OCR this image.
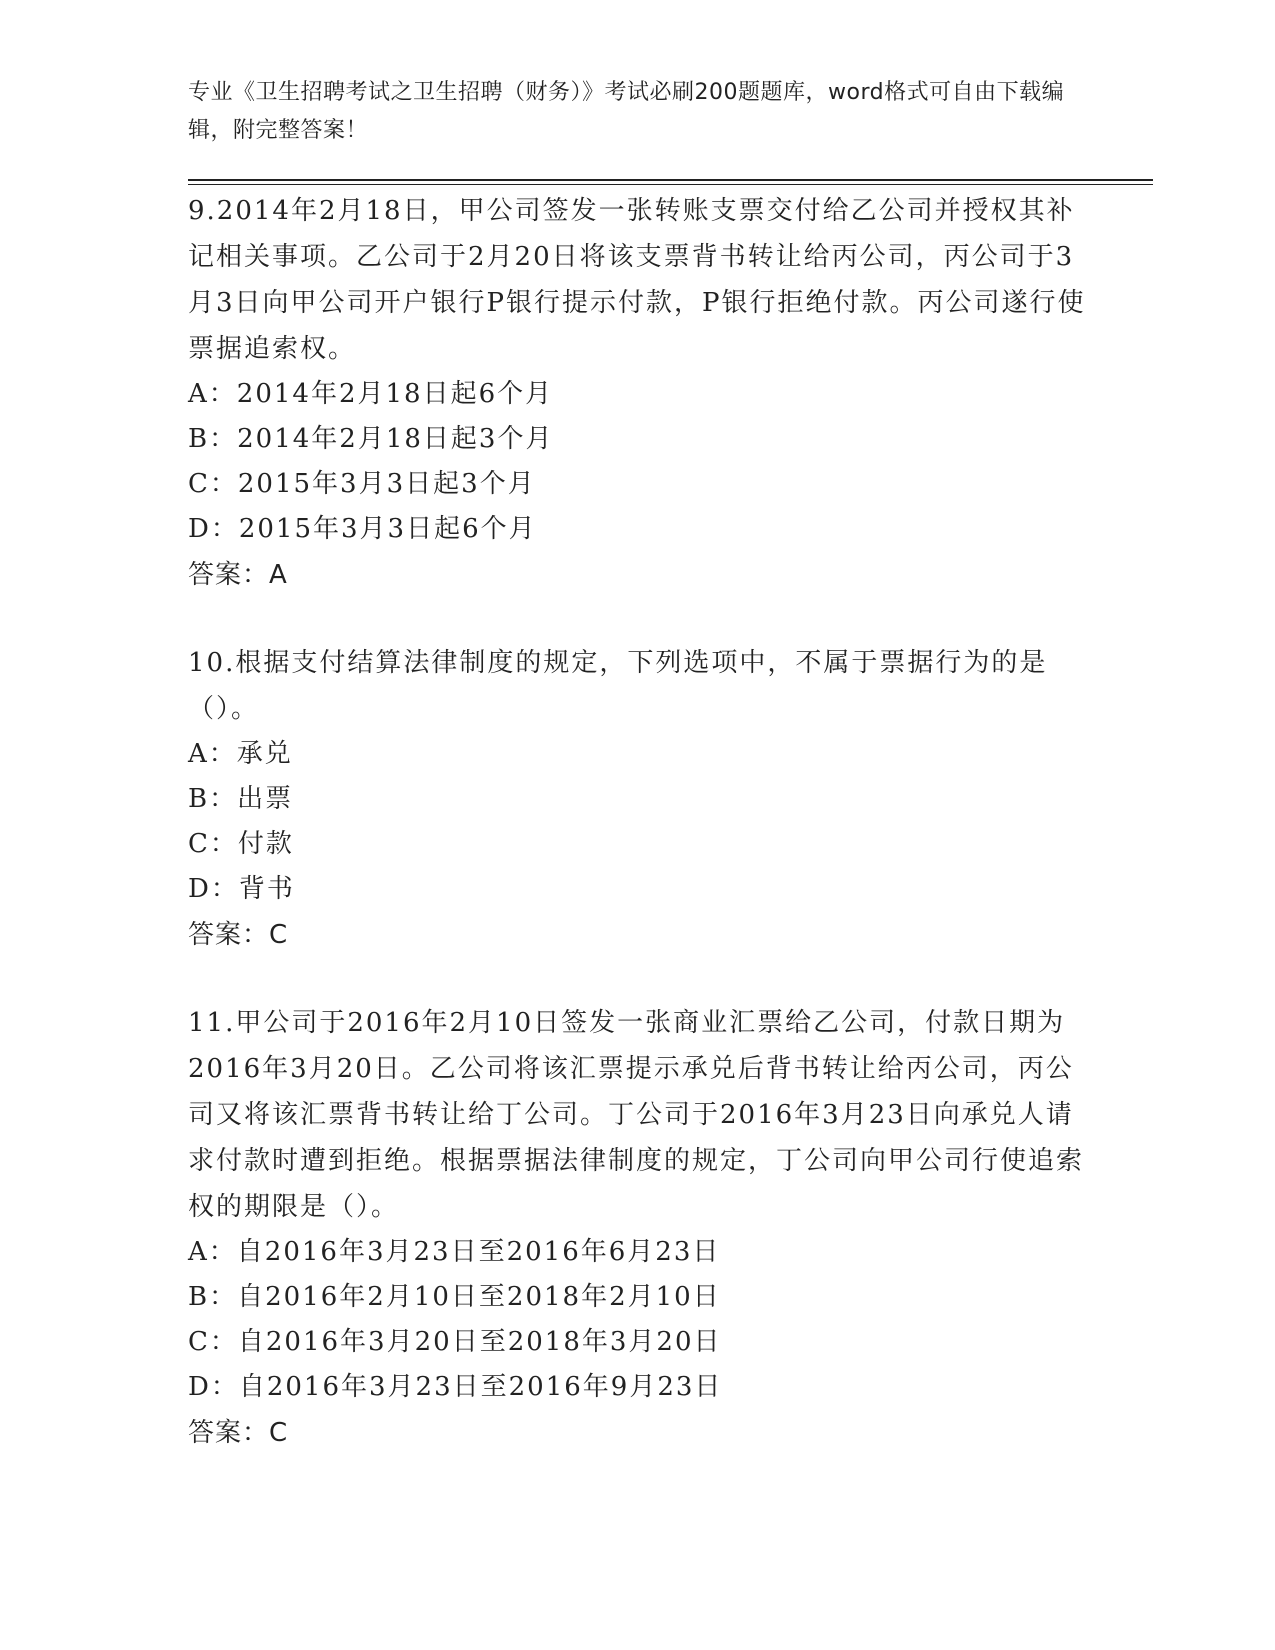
专业《卫生招聘考试之卫生招聘（财务）》考试必刷200题题库，word格式可自由下载编辑，附完整答案！

9.2014年2月18日，甲公司签发一张转账支票交付给乙公司并授权其补记相关事项。乙公司于2月20日将该支票背书转让给丙公司，丙公司于3月3日向甲公司开户银行P银行提示付款，P银行拒绝付款。丙公司遂行使票据追索权。

A：2014年2月18日起6个月

B：2014年2月18日起3个月

C：2015年3月3日起3个月

D：2015年3月3日起6个月

答案：A

10.根据支付结算法律制度的规定，下列选项中，不属于票据行为的是（）。

A：承兑

B：出票

C：付款

D：背书

答案：C

11.甲公司于2016年2月10日签发一张商业汇票给乙公司，付款日期为2016年3月20日。乙公司将该汇票提示承兑后背书转让给丙公司，丙公司又将该汇票背书转让给丁公司。丁公司于2016年3月23日向承兑人请求付款时遭到拒绝。根据票据法律制度的规定，丁公司向甲公司行使追索权的期限是（）。

A：自2016年3月23日至2016年6月23日

B：自2016年2月10日至2018年2月10日

C：自2016年3月20日至2018年3月20日

D：自2016年3月23日至2016年9月23日

答案：C
